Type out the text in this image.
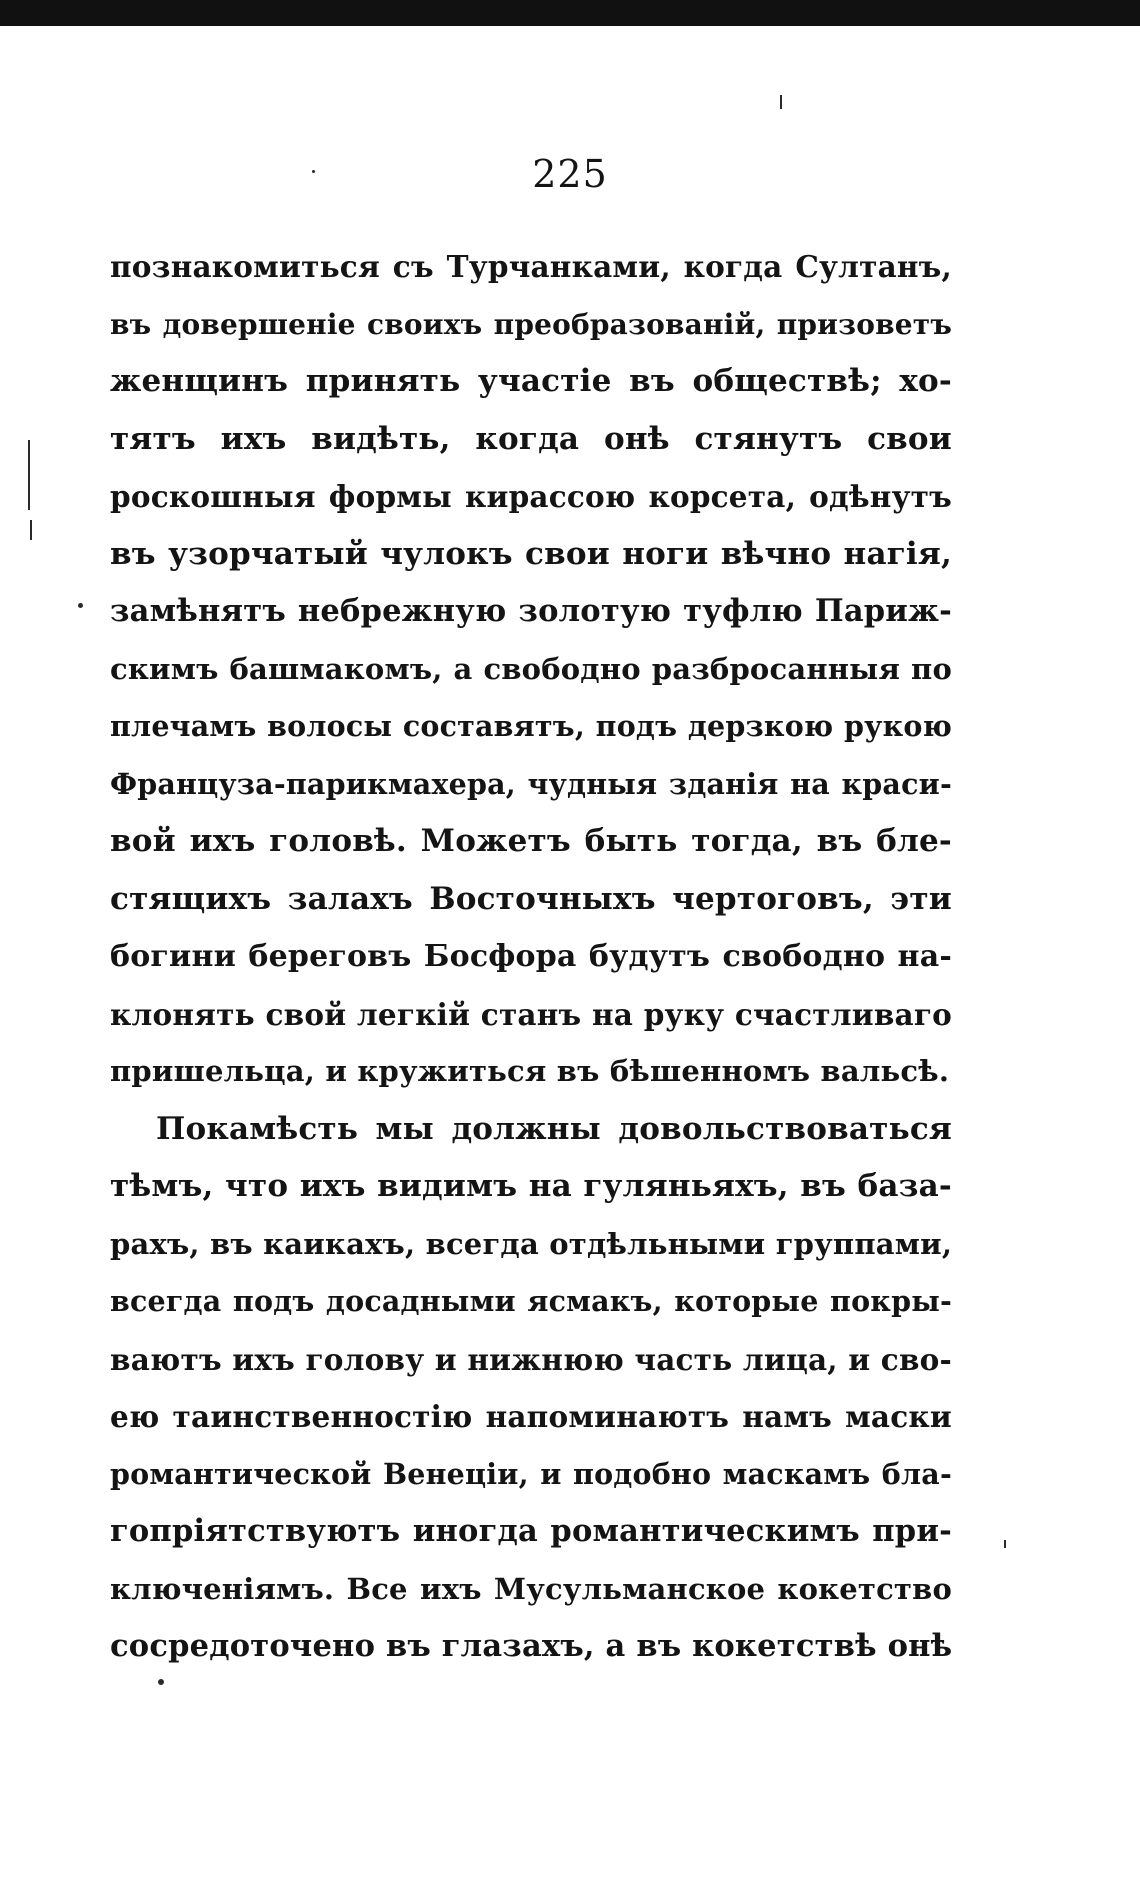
225
познакомиться съ Турчанками, когда Султанъ,
въ довершеніе своихъ преобразованій, призоветъ
женщинъ принять участіе въ обществѣ; хо-
тятъ ихъ видѣть, когда онѣ стянутъ свои
роскошныя формы кирассою корсета, одѣнутъ
въ узорчатый чулокъ свои ноги вѣчно нагія,
замѣнятъ небрежную золотую туфлю Париж-
скимъ башмакомъ, а свободно разбросанныя по
плечамъ волосы составятъ, подъ дерзкою рукою
Француза-парикмахера, чудныя зданія на краси-
вой ихъ головѣ. Можетъ быть тогда, въ бле-
стящихъ залахъ Восточныхъ чертоговъ, эти
богини береговъ Босфора будутъ свободно на-
клонять свой легкій станъ на руку счастливаго
пришельца, и кружиться въ бѣшенномъ вальсѣ.
Покамѣсть мы должны довольствоваться
тѣмъ, что ихъ видимъ на гуляньяхъ, въ база-
рахъ, въ каикахъ, всегда отдѣльными группами,
всегда подъ досадными ясмакъ, которые покры-
ваютъ ихъ голову и нижнюю часть лица, и сво-
ею таинственностію напоминаютъ намъ маски
романтической Венеціи, и подобно маскамъ бла-
гопріятствуютъ иногда романтическимъ при-
ключеніямъ. Все ихъ Мусульманское кокетство
сосредоточено въ глазахъ, а въ кокетствѣ онѣ
